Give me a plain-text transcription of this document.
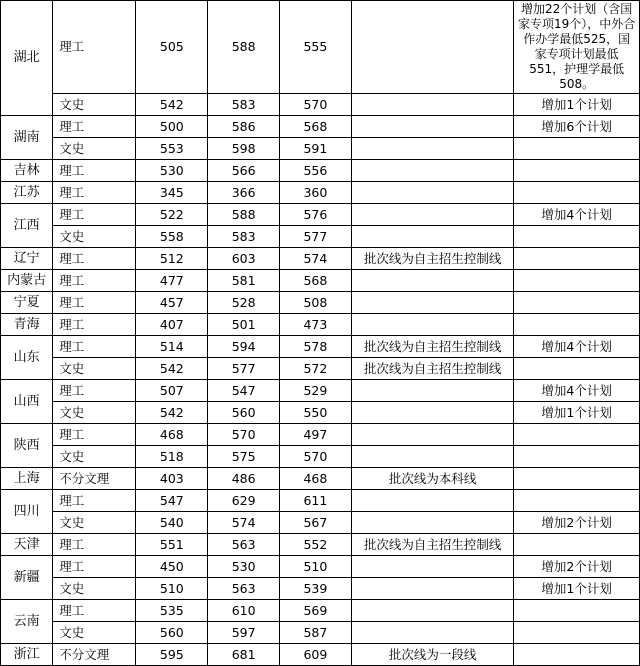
湖北	理工	505	588	555		增加22个计划（含国家专项19个），中外合作办学最低525，国家专项计划最低551，护理学最低508。
	文史	542	583	570		增加1个计划
湖南	理工	500	586	568		增加6个计划
	文史	553	598	591		
吉林	理工	530	566	556		
江苏	理工	345	366	360		
江西	理工	522	588	576		增加4个计划
	文史	558	583	577		
辽宁	理工	512	603	574	批次线为自主招生控制线	
内蒙古	理工	477	581	568		
宁夏	理工	457	528	508		
青海	理工	407	501	473		
山东	理工	514	594	578	批次线为自主招生控制线	增加4个计划
	文史	542	577	572	批次线为自主招生控制线	
山西	理工	507	547	529		增加4个计划
	文史	542	560	550		增加1个计划
陕西	理工	468	570	497		
	文史	518	575	570		
上海	不分文理	403	486	468	批次线为本科线	
四川	理工	547	629	611		
	文史	540	574	567		增加2个计划
天津	理工	551	563	552	批次线为自主招生控制线	
新疆	理工	450	530	510		增加2个计划
	文史	510	563	539		增加1个计划
云南	理工	535	610	569		
	文史	560	597	587		
浙江	不分文理	595	681	609	批次线为一段线	
